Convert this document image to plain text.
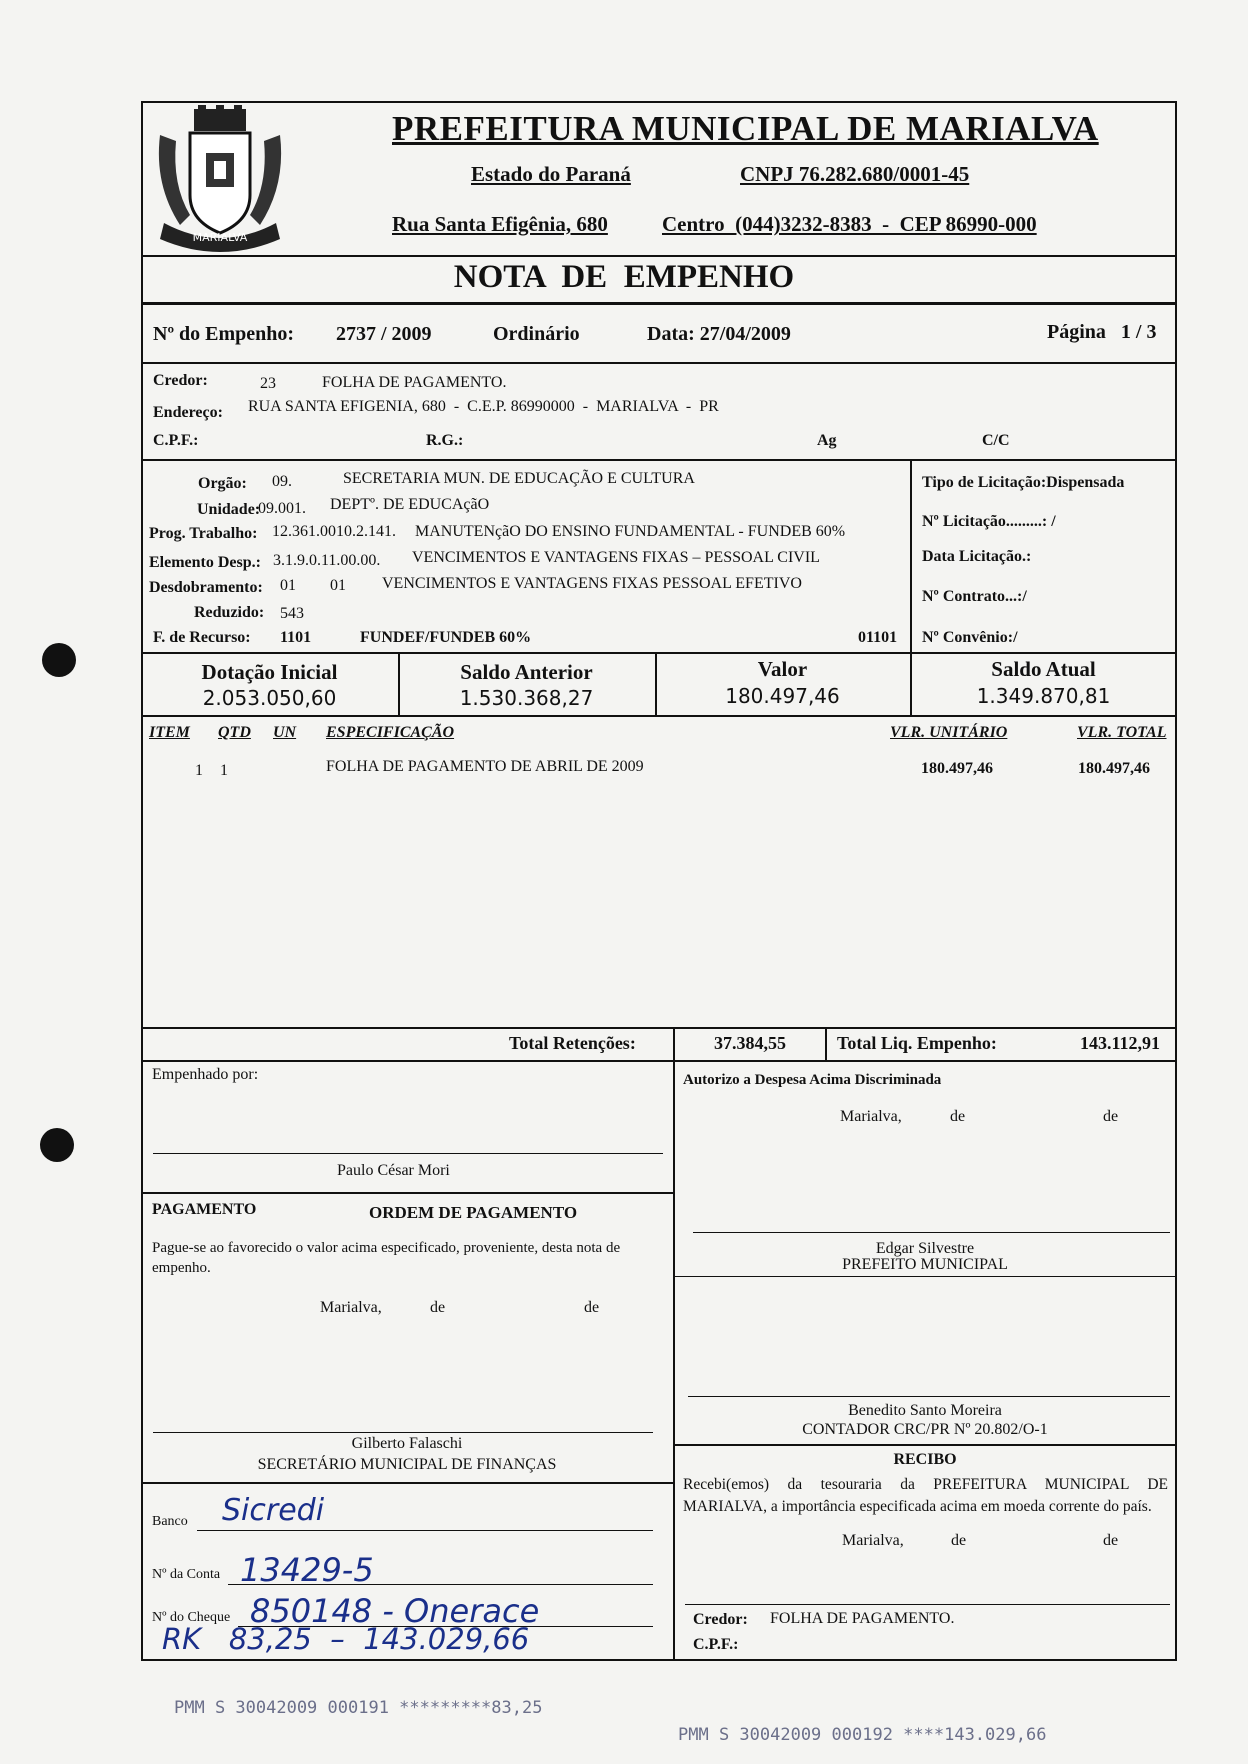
MARIALVA
PREFEITURA MUNICIPAL DE MARIALVA
Estado do Paraná	CNPJ 76.282.680/0001-45
Rua Santa Efigênia, 680	Centro  (044)3232-8383  -  CEP 86990-000
NOTA  DE  EMPENHO
Nº do Empenho: 2737 / 2009	Ordinário	Data: 27/04/2009	Página   1 / 3
Credor:	23	FOLHA DE PAGAMENTO.
Endereço: RUA SANTA EFIGENIA, 680  -  C.E.P. 86990000  -  MARIALVA  -  PR
C.P.F.:	R.G.:	Ag	C/C
Orgão: 09.	SECRETARIA MUN. DE EDUCAÇÃO E CULTURA
Unidade:
09.001. DEPTº. DE EDUCAçãO
Prog. Trabalho: 12.361.0010.2.141. MANUTENçãO DO ENSINO FUNDAMENTAL - FUNDEB 60%
Elemento Desp.: 3.1.9.0.11.00.00. VENCIMENTOS E VANTAGENS FIXAS – PESSOAL CIVIL
Desdobramento: 01 01 VENCIMENTOS E VANTAGENS FIXAS PESSOAL EFETIVO
Reduzido: 543
F. de Recurso: 1101	FUNDEF/FUNDEB 60%	01101
Tipo de Licitação:Dispensada
Nº Licitação.........: /
Data Licitação.:
Nº Contrato...:/
Nº Convênio:/
Dotação Inicial
2.053.050,60
Saldo Anterior
1.530.368,27
Valor
180.497,46
Saldo Atual
1.349.870,81
ITEM QTD UN ESPECIFICAÇÃO	VLR. UNITÁRIO	VLR. TOTAL
1 1	FOLHA DE PAGAMENTO DE ABRIL DE 2009	180.497,46	180.497,46
Total Retenções:	37.384,55	Total Liq. Empenho:	143.112,91
Empenhado por:
Paulo César Mori
PAGAMENTO	ORDEM DE PAGAMENTO
Pague-se ao favorecido o valor acima especificado, proveniente, desta nota de empenho.
Marialva,	de	de
Gilberto Falaschi
SECRETÁRIO MUNICIPAL DE FINANÇAS
Banco Sicredi
Nº da Conta 13429-5
Nº do Cheque 850148 - Onerace
RK   83,25  –  143.029,66
Autorizo a Despesa Acima Discriminada
Marialva,	de	de
Edgar Silvestre
PREFEITO MUNICIPAL
Benedito Santo Moreira
CONTADOR CRC/PR Nº 20.802/O-1
RECIBO
Recebi(emos) da tesouraria da PREFEITURA MUNICIPAL DE MARIALVA, a importância especificada acima em moeda corrente do país.
Marialva,	de	de
Credor: FOLHA DE PAGAMENTO.
C.P.F.:
PMM S 30042009 000191 *********83,25
PMM S 30042009 000192 ****143.029,66
